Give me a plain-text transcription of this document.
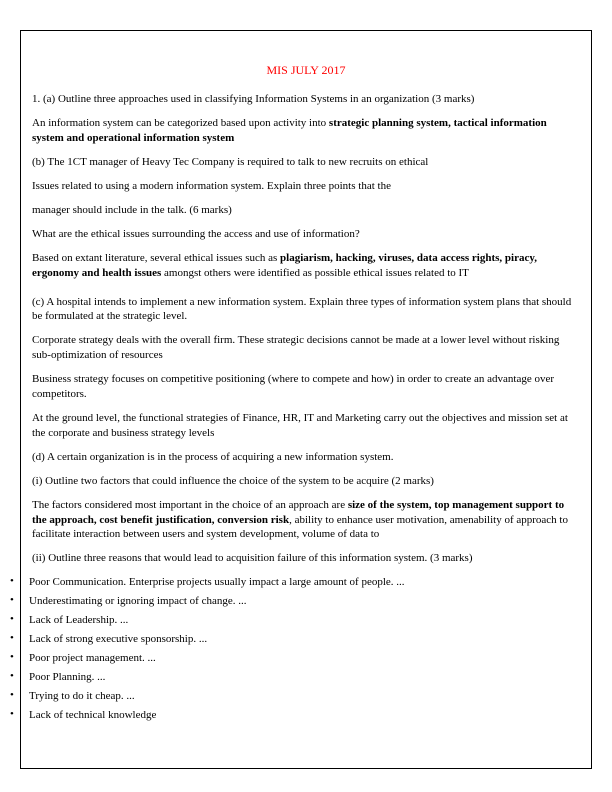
MIS JULY 2017

1. (a) Outline three approaches used in classifying Information Systems in an organization (3 marks)

An information system can be categorized based upon activity into strategic planning system, tactical information system and operational information system

(b) The 1CT manager of Heavy Tec Company is required to talk to new recruits on ethical

Issues related to using a modern information system. Explain three points that the

manager should include in the talk. (6 marks)

What are the ethical issues surrounding the access and use of information?

Based on extant literature, several ethical issues such as plagiarism, hacking, viruses, data access rights, piracy, ergonomy and health issues amongst others were identified as possible ethical issues related to IT

(c) A hospital intends to implement a new information system. Explain three types of information system plans that should be formulated at the strategic level.

Corporate strategy deals with the overall firm. These strategic decisions cannot be made at a lower level without risking sub-optimization of resources

Business strategy focuses on competitive positioning (where to compete and how) in order to create an advantage over competitors.

At the ground level, the functional strategies of Finance, HR, IT and Marketing carry out the objectives and mission set at the corporate and business strategy levels

(d) A certain organization is in the process of acquiring a new information system.

(i) Outline two factors that could influence the choice of the system to be acquire (2 marks)

The factors considered most important in the choice of an approach are size of the system, top management support to the approach, cost benefit justification, conversion risk, ability to enhance user motivation, amenability of approach to facilitate interaction between users and system development, volume of data to

(ii) Outline three reasons that would lead to acquisition failure of this information system. (3 marks)

• Poor Communication. Enterprise projects usually impact a large amount of people. ...
• Underestimating or ignoring impact of change. ...
• Lack of Leadership. ...
• Lack of strong executive sponsorship. ...
• Poor project management. ...
• Poor Planning. ...
• Trying to do it cheap. ...
• Lack of technical knowledge
